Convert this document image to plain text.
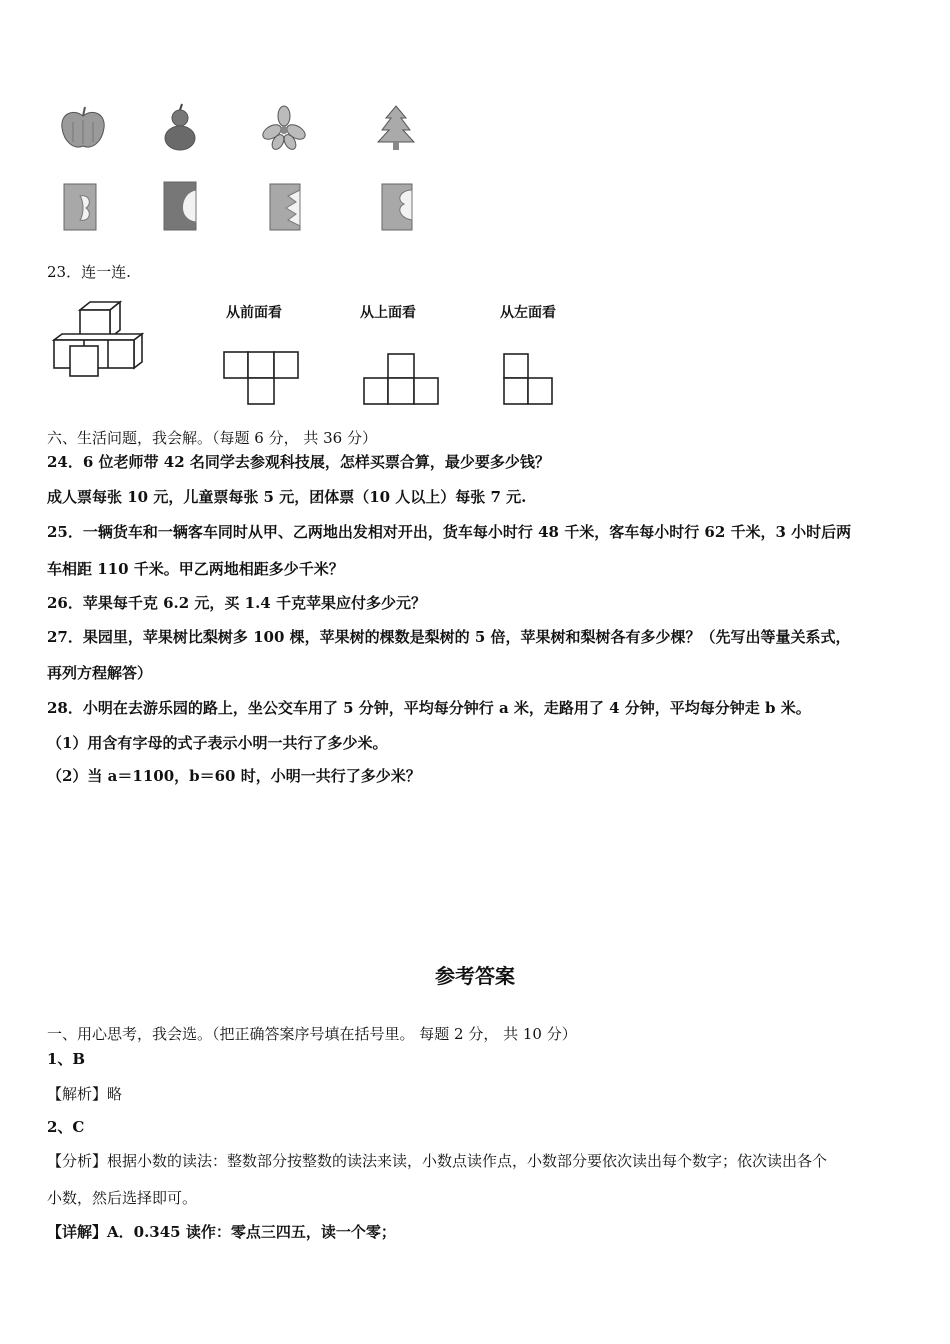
23．连一连.
从前面看	从上面看	从左面看
六、生活问题，我会解。（每题 6 分， 共 36 分）
24．6 位老师带 42 名同学去参观科技展，怎样买票合算，最少要多少钱？
成人票每张 10 元，儿童票每张 5 元，团体票（10 人以上）每张 7 元.
25．一辆货车和一辆客车同时从甲、乙两地出发相对开出，货车每小时行 48 千米，客车每小时行 62 千米，3 小时后两
车相距 110 千米。甲乙两地相距多少千米？
26．苹果每千克 6.2 元，买 1.4 千克苹果应付多少元？
27．果园里，苹果树比梨树多 100 棵，苹果树的棵数是梨树的 5 倍，苹果树和梨树各有多少棵？（先写出等量关系式，
再列方程解答）
28．小明在去游乐园的路上，坐公交车用了 5 分钟，平均每分钟行 a 米，走路用了 4 分钟，平均每分钟走 b 米。
（1）用含有字母的式子表示小明一共行了多少米。
（2）当 a＝1100，b＝60 时，小明一共行了多少米？
参考答案
一、用心思考，我会选。（把正确答案序号填在括号里。 每题 2 分， 共 10 分）
1、B
【解析】略
2、C
【分析】根据小数的读法：整数部分按整数的读法来读，小数点读作点，小数部分要依次读出每个数字；依次读出各个
小数，然后选择即可。
【详解】A．0.345 读作：零点三四五，读一个零；
